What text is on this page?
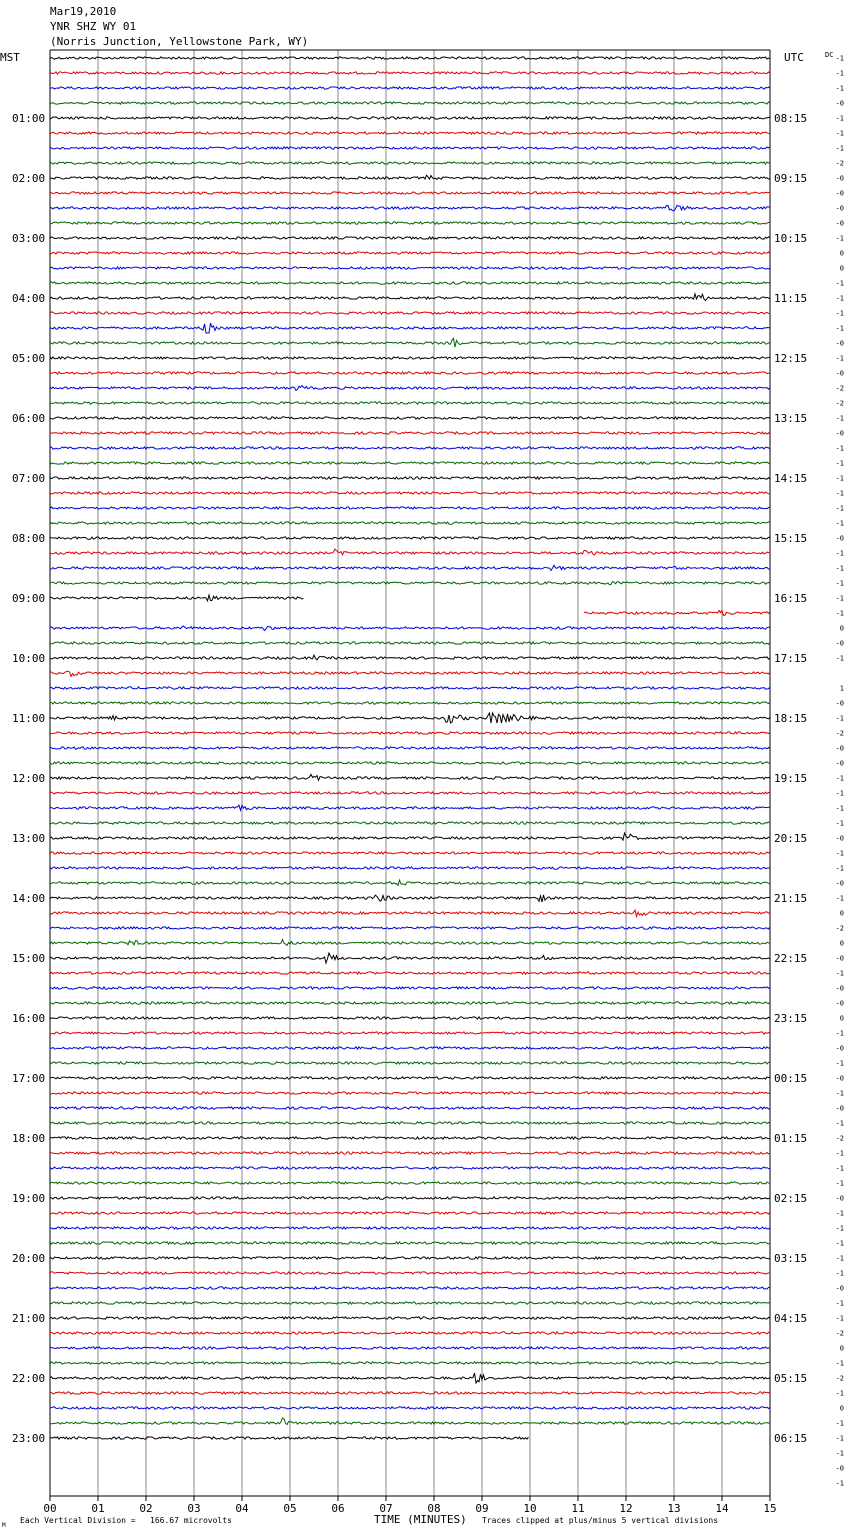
Mar19,2010
YNR SHZ WY 01
(Norris Junction, Yellowstone Park, WY)
MST	UTC	DC
01:00
02:00
03:00
04:00
05:00
06:00
07:00
08:00
09:00
10:00
11:00
12:00
13:00
14:00
15:00
16:00
17:00
18:00
19:00
20:00
21:00
22:00
23:00
08:15
09:15
10:15
11:15
12:15
13:15
14:15
15:15
16:15
17:15
18:15
19:15
20:15
21:15
22:15
23:15
00:15
01:15
02:15
03:15
04:15
05:15
06:15
-1
-1
-1
-0
-1
-1
-1
-2
-0
-0
-0
-0
-1
0
0
-1
-1
-1
-1
-0
-1
-0
-2
-2
-1
-0
-1
-1
-1
-1
-1
-1
-0
-1
-1
-1
-1
-1
0
-0
-1
1
-0
-1
-2
-0
-0
-1
-1
-1
-1
-0
-1
-1
-0
-1
0
-2
0
-0
-1
-0
-0
0
-1
-0
-1
-0
-1
-0
-1
-2
-1
-1
-1
-0
-1
-1
-1
-1
-1
-0
-1
-1
-2
0
-1
-2
-1
0
-1
-1
-1
-0
-1
00	01	02	03	04	05	06	07	08	09	10	11	12	13	14	15
M
Each Vertical Division = 166.67 microvolts	TIME (MINUTES) Traces clipped at plus/minus 5 vertical divisions
